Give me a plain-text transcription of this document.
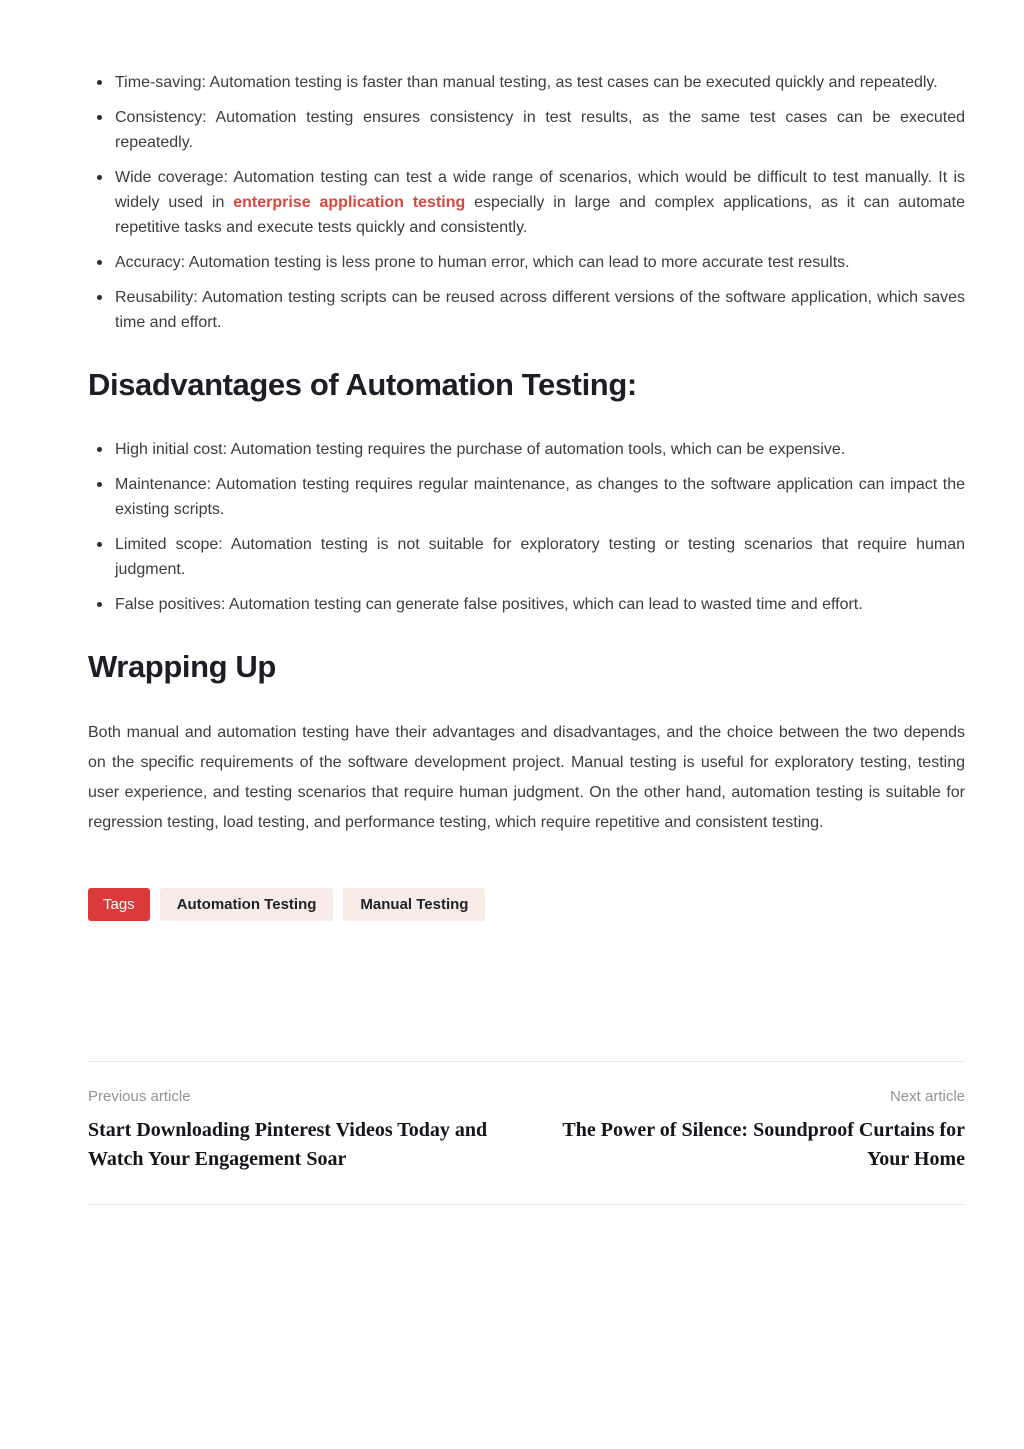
Time-saving: Automation testing is faster than manual testing, as test cases can be executed quickly and repeatedly.
Consistency: Automation testing ensures consistency in test results, as the same test cases can be executed repeatedly.
Wide coverage: Automation testing can test a wide range of scenarios, which would be difficult to test manually. It is widely used in enterprise application testing especially in large and complex applications, as it can automate repetitive tasks and execute tests quickly and consistently.
Accuracy: Automation testing is less prone to human error, which can lead to more accurate test results.
Reusability: Automation testing scripts can be reused across different versions of the software application, which saves time and effort.
Disadvantages of Automation Testing:
High initial cost: Automation testing requires the purchase of automation tools, which can be expensive.
Maintenance: Automation testing requires regular maintenance, as changes to the software application can impact the existing scripts.
Limited scope: Automation testing is not suitable for exploratory testing or testing scenarios that require human judgment.
False positives: Automation testing can generate false positives, which can lead to wasted time and effort.
Wrapping Up

Both manual and automation testing have their advantages and disadvantages, and the choice between the two depends on the specific requirements of the software development project. Manual testing is useful for exploratory testing, testing user experience, and testing scenarios that require human judgment. On the other hand, automation testing is suitable for regression testing, load testing, and performance testing, which require repetitive and consistent testing.

Tags	Automation Testing	Manual Testing

Previous article

Start Downloading Pinterest Videos Today and Watch Your Engagement Soar

Next article

The Power of Silence: Soundproof Curtains for Your Home
